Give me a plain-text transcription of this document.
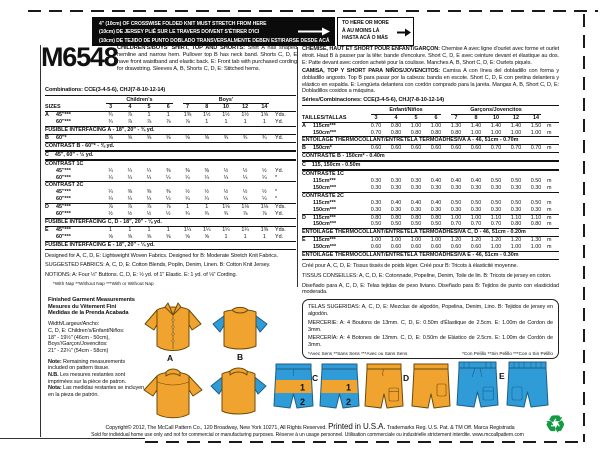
4" (10cm) OF CROSSWISE FOLDED KNIT MUST STRETCH FROM HERE
(10cm) DE JERSEY PLIÉ SUR LE TRAVERS DOIVENT S'ÉTIRER D'ICI
(10cm) DE TEJIDO DE PUNTO DOBLADO TRANSVERSALMENTE DEBEN ESTIRARSE DESDE ACÁ
TO HERE OR MORE
À AU MOINS LÀ
HASTA ACÁ O MÁS
M6548 CHILDREN'S/BOYS' SHIRT, TOP AND SHORTS: Shirt A has shaped hemline and narrow hem. Pullover top B has neck band. Shorts C, D, E have front waistband and elastic back. E: Front tab with purchased cording for drawstring. Sleeves A, B, Shorts C, D, E: Stitched hems.
Combinations: CCE(3-4-5-6), CHJ(7-8-10-12-14)
Children's	Boys'
SIZES	3	4	5	6	7	8	10	12	14
A	45"***	¾	⅞	1	1	1⅜	1½	1½	1½	1⅝	Yds.
60"***	¾	⅞	⅞	⅞	⅞	1	1	1	1	Yd.
FUSIBLE INTERFACING A - 18", 20" - ¾ yd.
B	60"*	⅝	⅝	⅝	⅝	⅝	⅝	¾	¾	¾	Yd.
CONTRAST B - 60"* - ⅜ yd.
C    45", 60" - ½ yd.
CONTRAST 1C
45"***	¼	¼	¼	⅜	⅜	⅜	½	½	½	Yd.
60"***	¼	¼	¼	¼	¼	¼	¼	¼	¼	*
CONTRAST 2C
45"***	¼	⅜	⅜	⅜	½	½	½	½	½	*
60"***	¼	¼	¼	¼	¼	¼	¼	¼	¼	*
D	45"***	⅞	⅞	⅞	⅞	1	1	1⅛	1⅛	1⅛	Yds.
60"***	½	½	½	½	¾	¾	¾	⅞	⅞	Yd.
FUSIBLE INTERFACING C, D - 18", 20" - ⅛ yd.
E	45"***	1	1	1	1	1¼	1¼	1¼	1¼	1⅜	Yds.
60"***	⅝	⅝	⅝	⅝	⅝	⅝	1	1	1	Yd.
FUSIBLE INTERFACING E - 18", 20" - ¼ yd.
Designed for A, C, D, E: Lightweight Woven Fabrics. Designed for B: Moderate Stretch Knit Fabrics.
SUGGESTED FABRICS: A, C, D, E: Cotton Blends, Poplin, Denim, Linen. B: Cotton Knit Jersey.
NOTIONS: A: Four ½" Buttons. C, D, E: ½ yd. of 1" Elastic. E: 1 yd. of ⅛" Cording.
*With Nap **Without Nap ***With or Without Nap

CHEMISE, HAUT ET SHORT POUR ENFANT/GARÇON: Chemise A avec ligne d'ourlet avec forme et ourlet étroit. Haut B à passer par la tête: bande d'encolure. Short C, D, E avec ceinture devant et élastique au dos. E: Patte devant avec cordon acheté pour la coulisse. Manches A, B, Short C, D, E: Ourlets piqués.

CAMISA, TOP Y SHORT PARA NIÑOS/JOVENCITOS: Camisa A con línea del dobladillo con forma y dobladillo angosto. Top B para pasar por la cabeza: banda en escote. Short C, D, E con pretina delantera y elástico en espalda. E: Lengüeta delantera con cordón comprado para la jareta. Mangas A, B, Short C, D, E: Dobladillos cosidos a máquina.

Séries/Combinaciones: CCE(3-4-5-6), CHJ(7-8-10-12-14)
Enfant/Niños	Garçons/Jovencitos
TAILLES/TALLAS	3	4	5	6	7	8	10	12	14
A	115cm***	0.70	0.80	1.00	1.00	1.30	1.40	1.40	1.40	1.50	m
150cm***	0.70	0.80	0.80	0.80	0.80	1.00	1.00	1.00	1.00	m
ENTOILAGE THERMOCOLLANT/ENTRETELA TERMOADHESIVA A - 46, 51cm - 0.70m
B	150cm*	0.60	0.60	0.60	0.60	0.60	0.60	0.70	0.70	0.70	m
CONTRASTE B - 150cm* - 0.40m
C    115, 150cm - 0.50m
CONTRASTE 1C
115cm***	0.30	0.30	0.30	0.40	0.40	0.40	0.50	0.50	0.50	m
150cm***	0.30	0.30	0.30	0.30	0.30	0.30	0.30	0.30	0.30	m
CONTRASTE 2C
115cm***	0.30	0.40	0.40	0.40	0.50	0.50	0.50	0.50	0.50	m
150cm***	0.30	0.30	0.30	0.30	0.30	0.30	0.30	0.30	0.30	m
D	115cm***	0.80	0.80	0.80	0.80	1.00	1.00	1.10	1.10	1.10	m
150cm***	0.50	0.50	0.50	0.50	0.70	0.70	0.70	0.80	0.80	m
ENTOILAGE THERMOCOLLANT/ENTRETELA TERMOADHESIVA C, D - 46, 51cm - 0.20m
E	115cm***	1.00	1.00	1.00	1.00	1.20	1.20	1.20	1.20	1.30	m
150cm***	0.60	0.60	0.60	0.60	0.60	0.60	1.00	1.00	1.00	m
ENTOILAGE THERMOCOLLANT/ENTRETELA TERMOADHESIVA E - 46, 51cm - 0.30m
Créé pour A, C, D, E: Tissus tissés de poids léger. Créé pour B: Tricots à élasticité moyenne.
TISSUS CONSEILLES: A, C, D, E: Cotonnade, Popeline, Denim, Toile de lin. B: Tricots de jersey en coton.
Diseñado para A, C, D, E: Telas tejidas de peso liviano. Diseñado para B: Tejidos de punto con elasticidad moderada.
TELAS SUGERIDAS: A, C, D, E: Mezclas de algodón, Popelina, Denim, Lino. B: Tejidos de jersey en algodón.
MERCERIE: A: 4 Boutons de 13mm. C, D, E: 0.50m d'Élastique de 2.5cm. E: 1.00m de Cordon de 3mm.
MERCERÍA: A: 4 Botones de 13mm. C, D, E: 0.50m de Elástico de 2.5cm. E: 1.00m de Cordón de 3mm.
*Avec Sens **Sans Sens ***Avec ou Sans Sens	*Con Pelillo **Sin Pelillo ***Con o Sin Pelillo
Finished Garment Measurements
Mesures du Vêtement Fini
Medidas de la Prenda Acabada
Width/Largeur/Ancho:
C, D, E: Children's/Enfant/Niños:
18" - 19½" (46cm - 50cm),
Boys'/Garçon/Jovencitos:
21" - 22¼" (54cm - 58cm)
Note: Remaining measurements included on pattern tissue.
N.B. Les mesures restantes sont imprimées sur la pièce de patron.
Nota: Las medidas restantes se incluyen en la pieza de patrón.
A	B
1
2
C
1
2
D	E
♻
Copyright© 2012, The McCall Pattern Co., 120 Broadway, New York 10271, All Rights Reserved. Printed in U.S.A. Trademarks Reg. U.S. Pat. & TM Off. Marca Registrada
Sold for individual home use only and not for commercial or manufacturing purposes. Réserve à un usage personnel. Utilisation commerciale ou industrielle strictement interdite. www.mccallpattern.com
